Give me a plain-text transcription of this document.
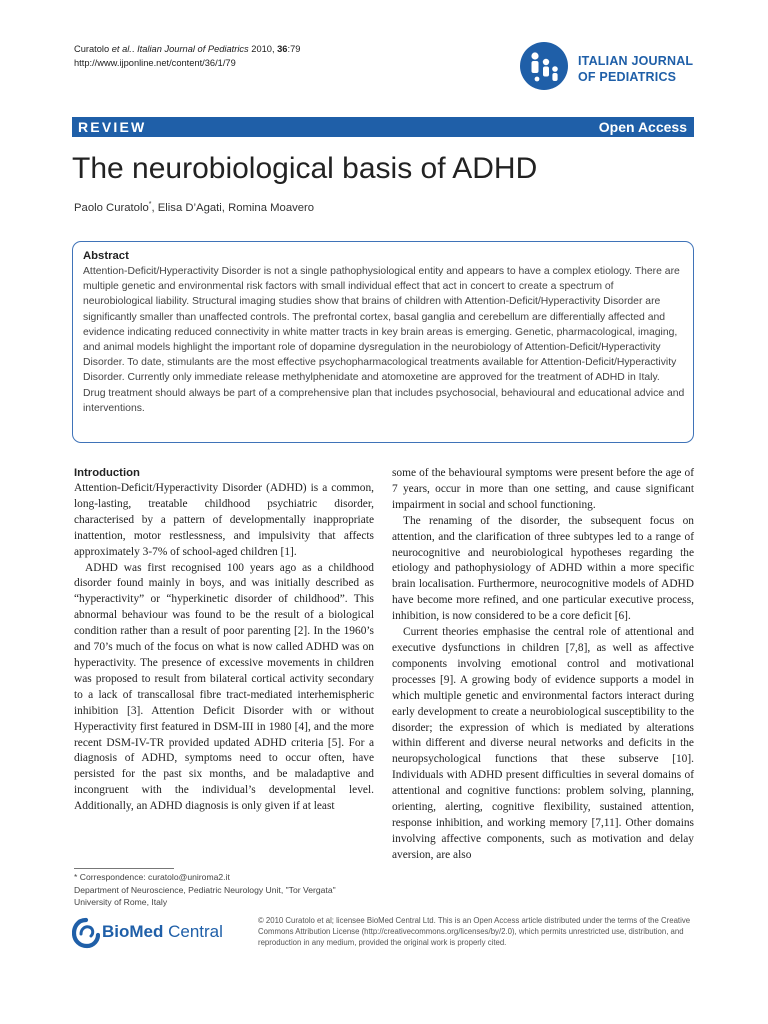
Curatolo et al.. Italian Journal of Pediatrics 2010, 36:79
http://www.ijponline.net/content/36/1/79	ITALIAN JOURNAL
OF PEDIATRICS
REVIEW	Open Access
The neurobiological basis of ADHD
Paolo Curatolo*, Elisa D’Agati, Romina Moavero
Abstract

Attention-Deficit/Hyperactivity Disorder is not a single pathophysiological entity and appears to have a complex etiology. There are multiple genetic and environmental risk factors with small individual effect that act in concert to create a spectrum of neurobiological liability. Structural imaging studies show that brains of children with Attention-Deficit/Hyperactivity Disorder are significantly smaller than unaffected controls. The prefrontal cortex, basal ganglia and cerebellum are differentially affected and evidence indicating reduced connectivity in white matter tracts in key brain areas is emerging. Genetic, pharmacological, imaging, and animal models highlight the important role of dopamine dysregulation in the neurobiology of Attention-Deficit/Hyperactivity Disorder. To date, stimulants are the most effective psychopharmacological treatments available for Attention-Deficit/Hyperactivity Disorder. Currently only immediate release methylphenidate and atomoxetine are approved for the treatment of ADHD in Italy. Drug treatment should always be part of a comprehensive plan that includes psychosocial, behavioural and educational advice and interventions.

Introduction

Attention-Deficit/Hyperactivity Disorder (ADHD) is a common, long-lasting, treatable childhood psychiatric disorder, characterised by a pattern of developmentally inappropriate inattention, motor restlessness, and impulsivity that affects approximately 3-7% of school-aged children [1].

ADHD was first recognised 100 years ago as a childhood disorder found mainly in boys, and was initially described as “hyperactivity” or “hyperkinetic disorder of childhood”. This abnormal behaviour was found to be the result of a biological condition rather than a result of poor parenting [2]. In the 1960’s and 70’s much of the focus on what is now called ADHD was on hyperactivity. The presence of excessive movements in children was proposed to result from bilateral cortical activity secondary to a lack of transcallosal fibre tract-mediated interhemispheric inhibition [3]. Attention Deficit Disorder with or without Hyperactivity first featured in DSM-III in 1980 [4], and the more recent DSM-IV-TR provided updated ADHD criteria [5]. For a diagnosis of ADHD, symptoms need to occur often, have persisted for the past six months, and be maladaptive and incongruent with the individual’s developmental level. Additionally, an ADHD diagnosis is only given if at least

some of the behavioural symptoms were present before the age of 7 years, occur in more than one setting, and cause significant impairment in social and school functioning.

The renaming of the disorder, the subsequent focus on attention, and the clarification of three subtypes led to a range of neurocognitive and neurobiological hypotheses regarding the etiology and pathophysiology of ADHD within a more specific brain localisation. Furthermore, neurocognitive models of ADHD have become more refined, and one particular executive process, inhibition, is now considered to be a core deficit [6].

Current theories emphasise the central role of attentional and executive dysfunctions in children [7,8], as well as affective components involving emotional control and motivational processes [9]. A growing body of evidence supports a model in which multiple genetic and environmental factors interact during early development to create a neurobiological susceptibility to the disorder; the expression of which is mediated by alterations within different and diverse neural networks and deficits in the neuropsychological functions that these subserve [10]. Individuals with ADHD present difficulties in several domains of attentional and cognitive functions: problem solving, planning, orienting, alerting, cognitive flexibility, sustained attention, response inhibition, and working memory [7,11]. Other domains involving affective components, such as motivation and delay aversion, are also

* Correspondence: curatolo@uniroma2.it
Department of Neuroscience, Pediatric Neurology Unit, "Tor Vergata"
University of Rome, Italy
BioMed Central
© 2010 Curatolo et al; licensee BioMed Central Ltd. This is an Open Access article distributed under the terms of the Creative Commons Attribution License (http://creativecommons.org/licenses/by/2.0), which permits unrestricted use, distribution, and reproduction in any medium, provided the original work is properly cited.
